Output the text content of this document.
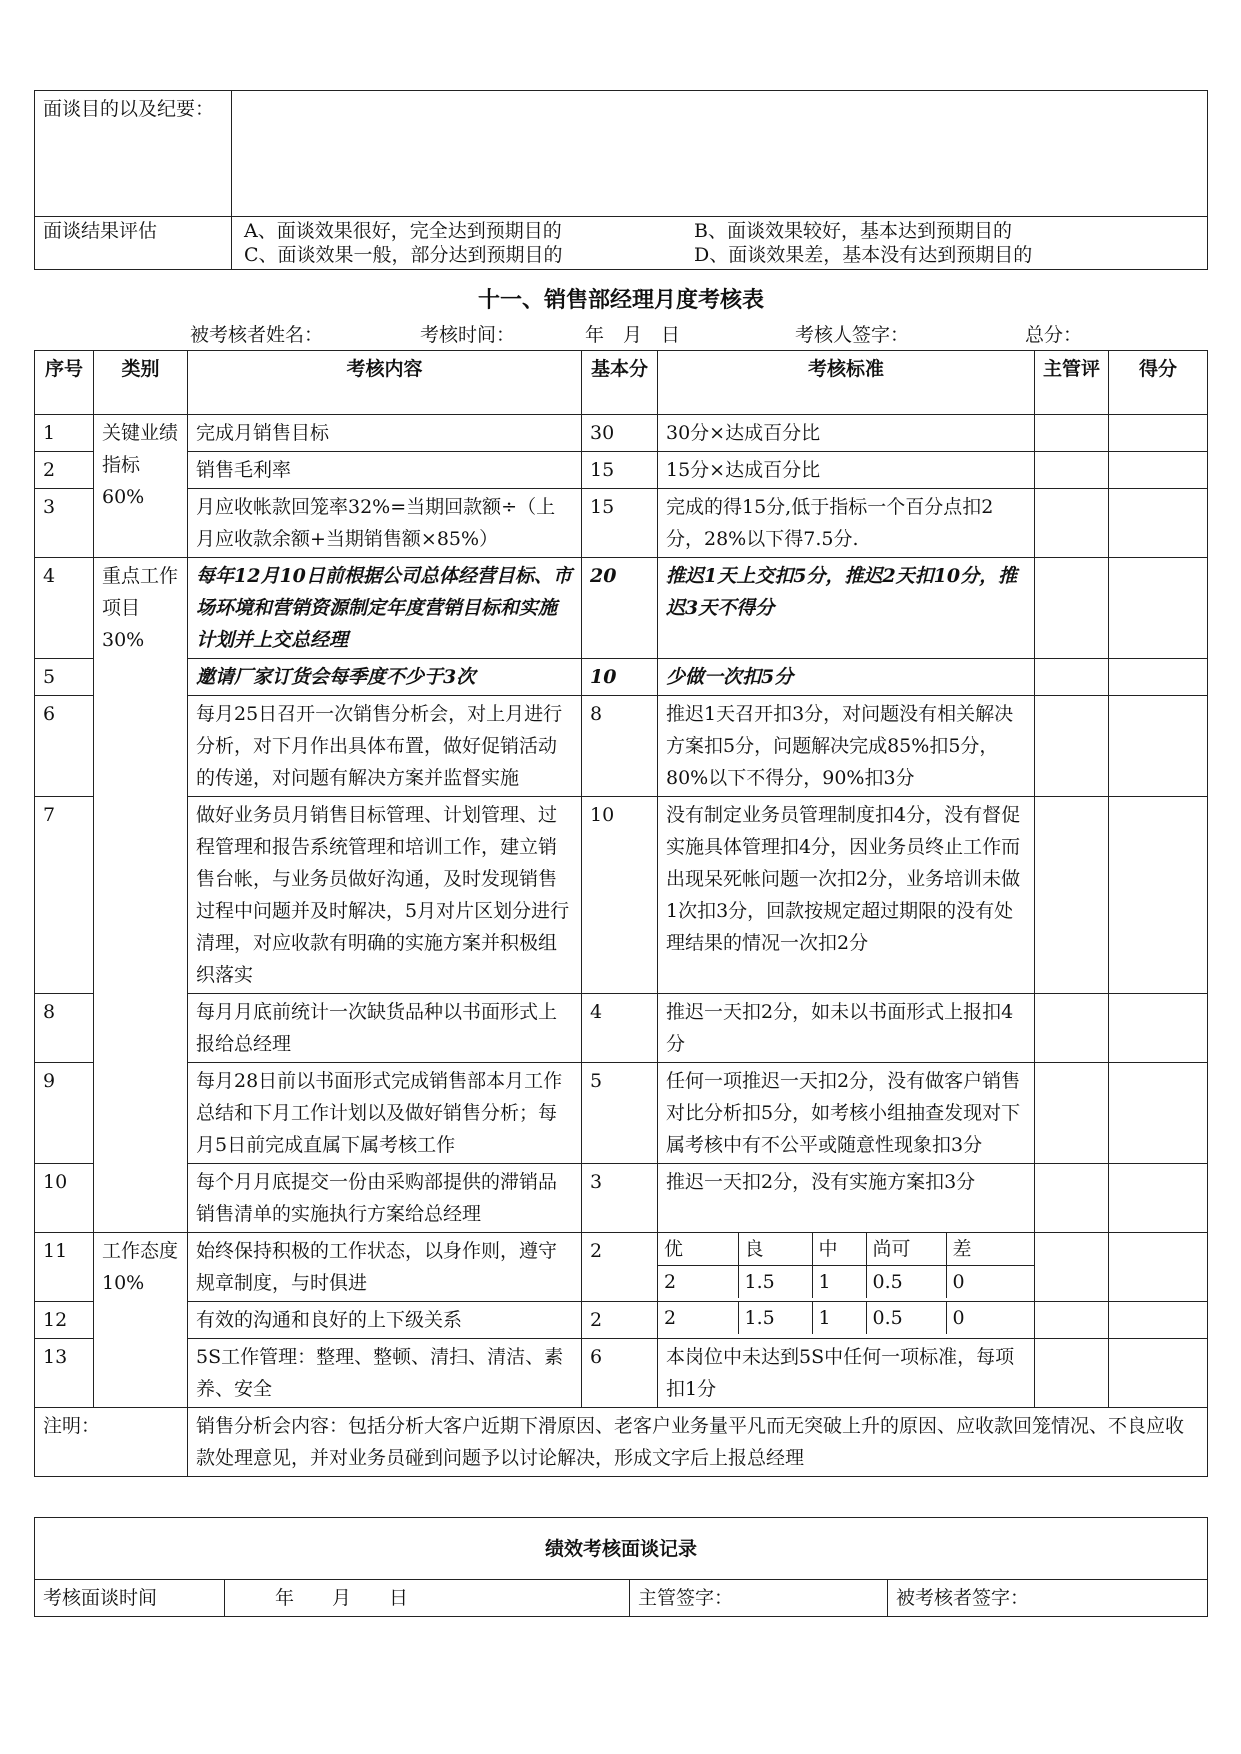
面谈目的以及纪要：	
面谈结果评估	A、面谈效果很好，完全达到预期目的 B、面谈效果较好，基本达到预期目的
C、面谈效果一般，部分达到预期目的 D、面谈效果差，基本没有达到预期目的
十一、销售部经理月度考核表
被考核者姓名：	考核时间：	年　月　日	考核人签字：	总分：
序号	类别	考核内容	基本分	考核标准	主管评	得分
1	关键业绩指标 60%	完成月销售目标	30	30分×达成百分比		
2	销售毛利率	15	15分×达成百分比		
3	月应收帐款回笼率32%=当期回款额÷（上月应收款余额+当期销售额×85%）	15	完成的得15分,低于指标一个百分点扣2分，28%以下得7.5分.		
4	重点工作项目 30%	每年12月10日前根据公司总体经营目标、市场环境和营销资源制定年度营销目标和实施计划并上交总经理	20	推迟1天上交扣5分，推迟2天扣10分，推迟3天不得分		
5	邀请厂家订货会每季度不少于3次	10	少做一次扣5分		
6	每月25日召开一次销售分析会，对上月进行分析，对下月作出具体布置，做好促销活动的传递，对问题有解决方案并监督实施	8	推迟1天召开扣3分，对问题没有相关解决方案扣5分，问题解决完成85%扣5分，80%以下不得分，90%扣3分		
7	做好业务员月销售目标管理、计划管理、过程管理和报告系统管理和培训工作，建立销售台帐，与业务员做好沟通，及时发现销售过程中问题并及时解决，5月对片区划分进行清理，对应收款有明确的实施方案并积极组织落实	10	没有制定业务员管理制度扣4分，没有督促实施具体管理扣4分，因业务员终止工作而出现呆死帐问题一次扣2分，业务培训未做1次扣3分，回款按规定超过期限的没有处理结果的情况一次扣2分		
8	每月月底前统计一次缺货品种以书面形式上报给总经理	4	推迟一天扣2分，如未以书面形式上报扣4分		
9	每月28日前以书面形式完成销售部本月工作总结和下月工作计划以及做好销售分析；每月5日前完成直属下属考核工作	5	任何一项推迟一天扣2分，没有做客户销售对比分析扣5分，如考核小组抽查发现对下属考核中有不公平或随意性现象扣3分		
10	每个月月底提交一份由采购部提供的滞销品销售清单的实施执行方案给总经理	3	推迟一天扣2分，没有实施方案扣3分		
11	工作态度 10%	始终保持积极的工作状态，以身作则，遵守规章制度，与时俱进	2		优	良	中	尚可	差
2	1.5	1	0.5	0

12	有效的沟通和良好的上下级关系	2		2	1.5	1	0.5	0

13	5S工作管理：整理、整顿、清扫、清洁、素养、安全	6	本岗位中未达到5S中任何一项标准，每项扣1分		
注明：	销售分析会内容：包括分析大客户近期下滑原因、老客户业务量平凡而无突破上升的原因、应收款回笼情况、不良应收款处理意见，并对业务员碰到问题予以讨论解决，形成文字后上报总经理
绩效考核面谈记录
考核面谈时间	年　　月　　日	主管签字：	被考核者签字：
